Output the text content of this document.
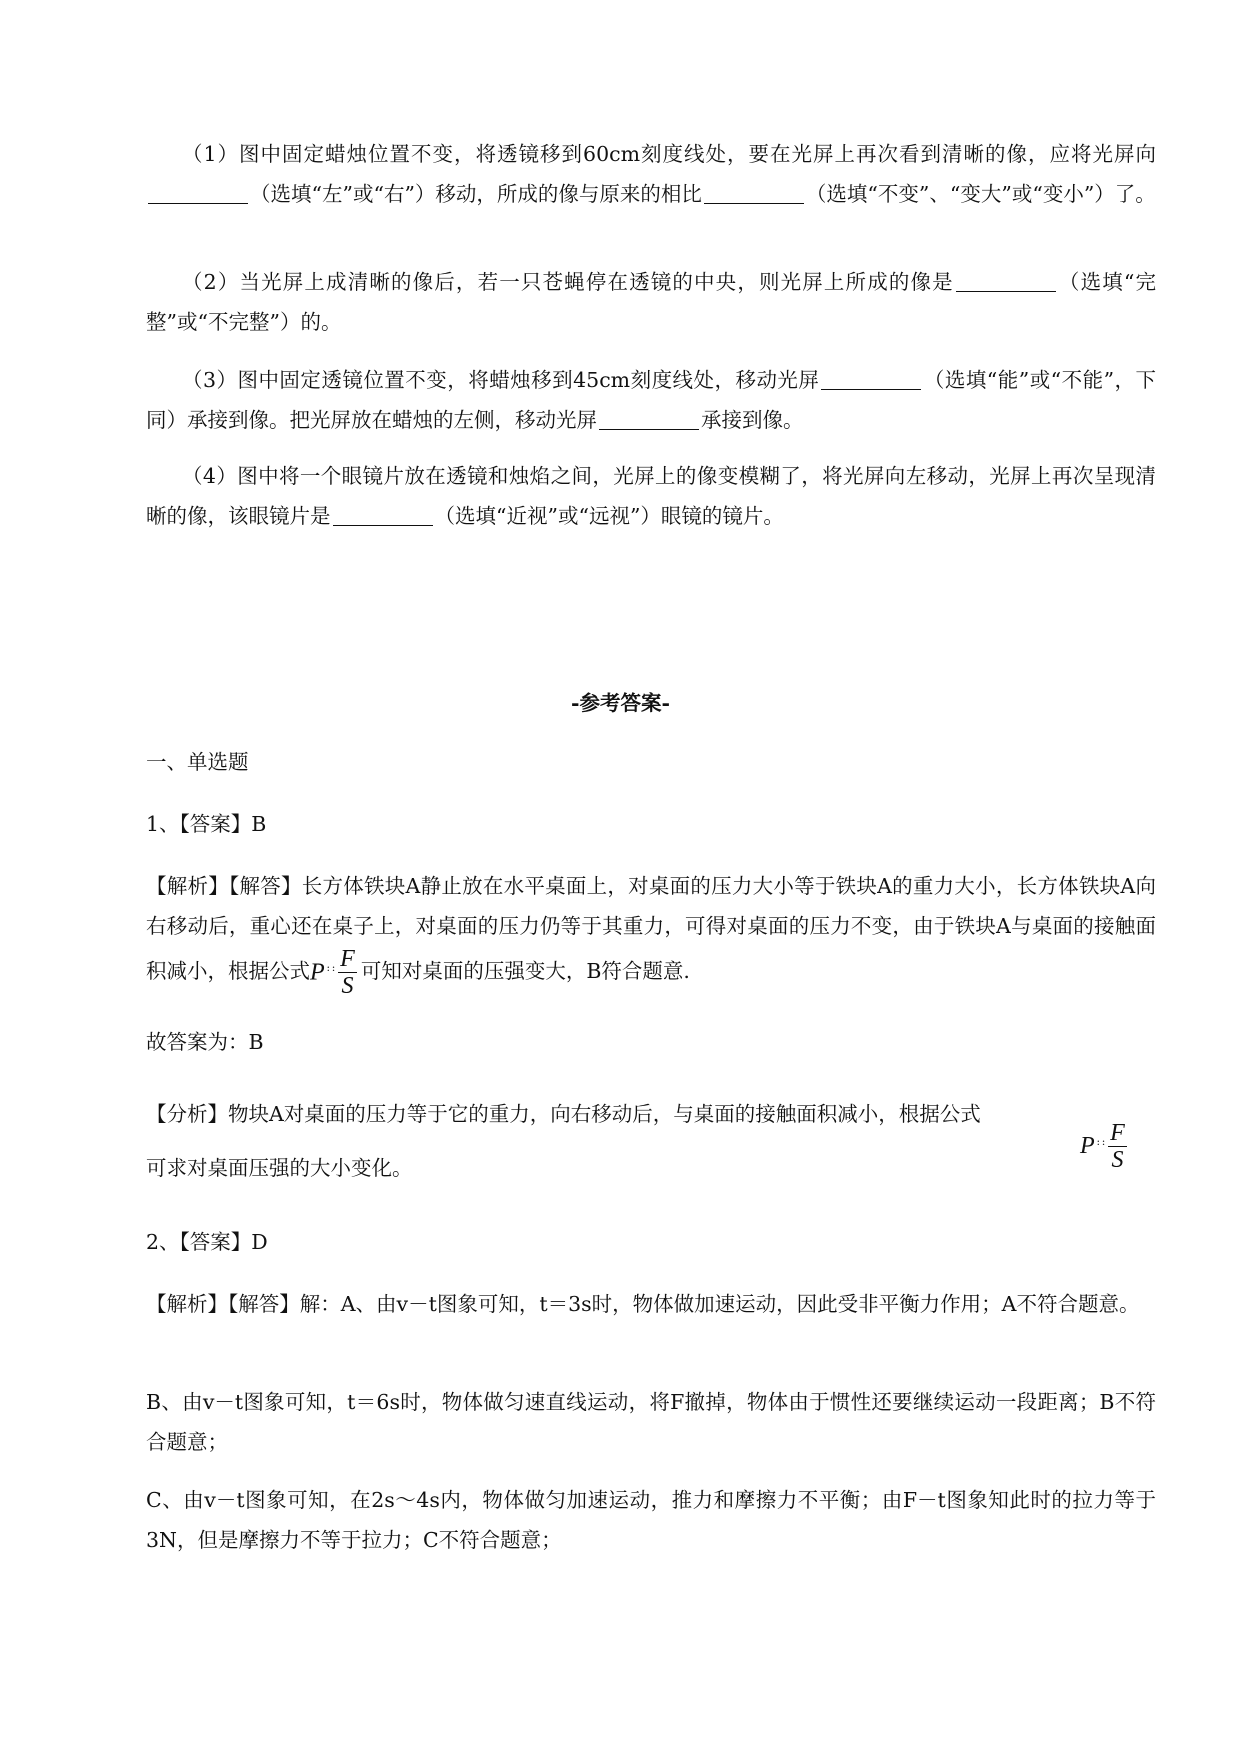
（1）图中固定蜡烛位置不变，将透镜移到60cm刻度线处，要在光屏上再次看到清晰的像，应将光屏向（选填“左”或“右”）移动，所成的像与原来的相比	（选填“不变”、“变大”或“变小”）了。

（2）当光屏上成清晰的像后，若一只苍蝇停在透镜的中央，则光屏上所成的像是	（选填“完整”或“不完整”）的。

（3）图中固定透镜位置不变，将蜡烛移到45cm刻度线处，移动光屏	（选填“能”或“不能”，下同）承接到像。把光屏放在蜡烛的左侧，移动光屏	承接到像。

（4）图中将一个眼镜片放在透镜和烛焰之间，光屏上的像变模糊了，将光屏向左移动，光屏上再次呈现清晰的像，该眼镜片是	（选填“近视”或“远视”）眼镜的镜片。

-参考答案-

一、单选题

1、【答案】B

【解析】【解答】长方体铁块A静止放在水平桌面上，对桌面的压力大小等于铁块A的重力大小，长方体铁块A向右移动后，重心还在桌子上，对桌面的压力仍等于其重力，可得对桌面的压力不变，由于铁块A与桌面的接触面积减小，根据公式P $^{꞉ ꞉} \frac{F}{S}$ 可知对桌面的压强变大，B符合题意.

故答案为：B

【分析】物块A对桌面的压力等于它的重力，向右移动后，与桌面的接触面积减小，根据公式

P $^{꞉ ꞉} \frac{F}{S}$

可求对桌面压强的大小变化。

2、【答案】D

【解析】【解答】解：A、由v－t图象可知，t＝3s时，物体做加速运动，因此受非平衡力作用；A不符合题意。

B、由v－t图象可知，t＝6s时，物体做匀速直线运动，将F撤掉，物体由于惯性还要继续运动一段距离；B不符合题意；

C、由v－t图象可知，在2s～4s内，物体做匀加速运动，推力和摩擦力不平衡；由F－t图象知此时的拉力等于3N，但是摩擦力不等于拉力；C不符合题意；
